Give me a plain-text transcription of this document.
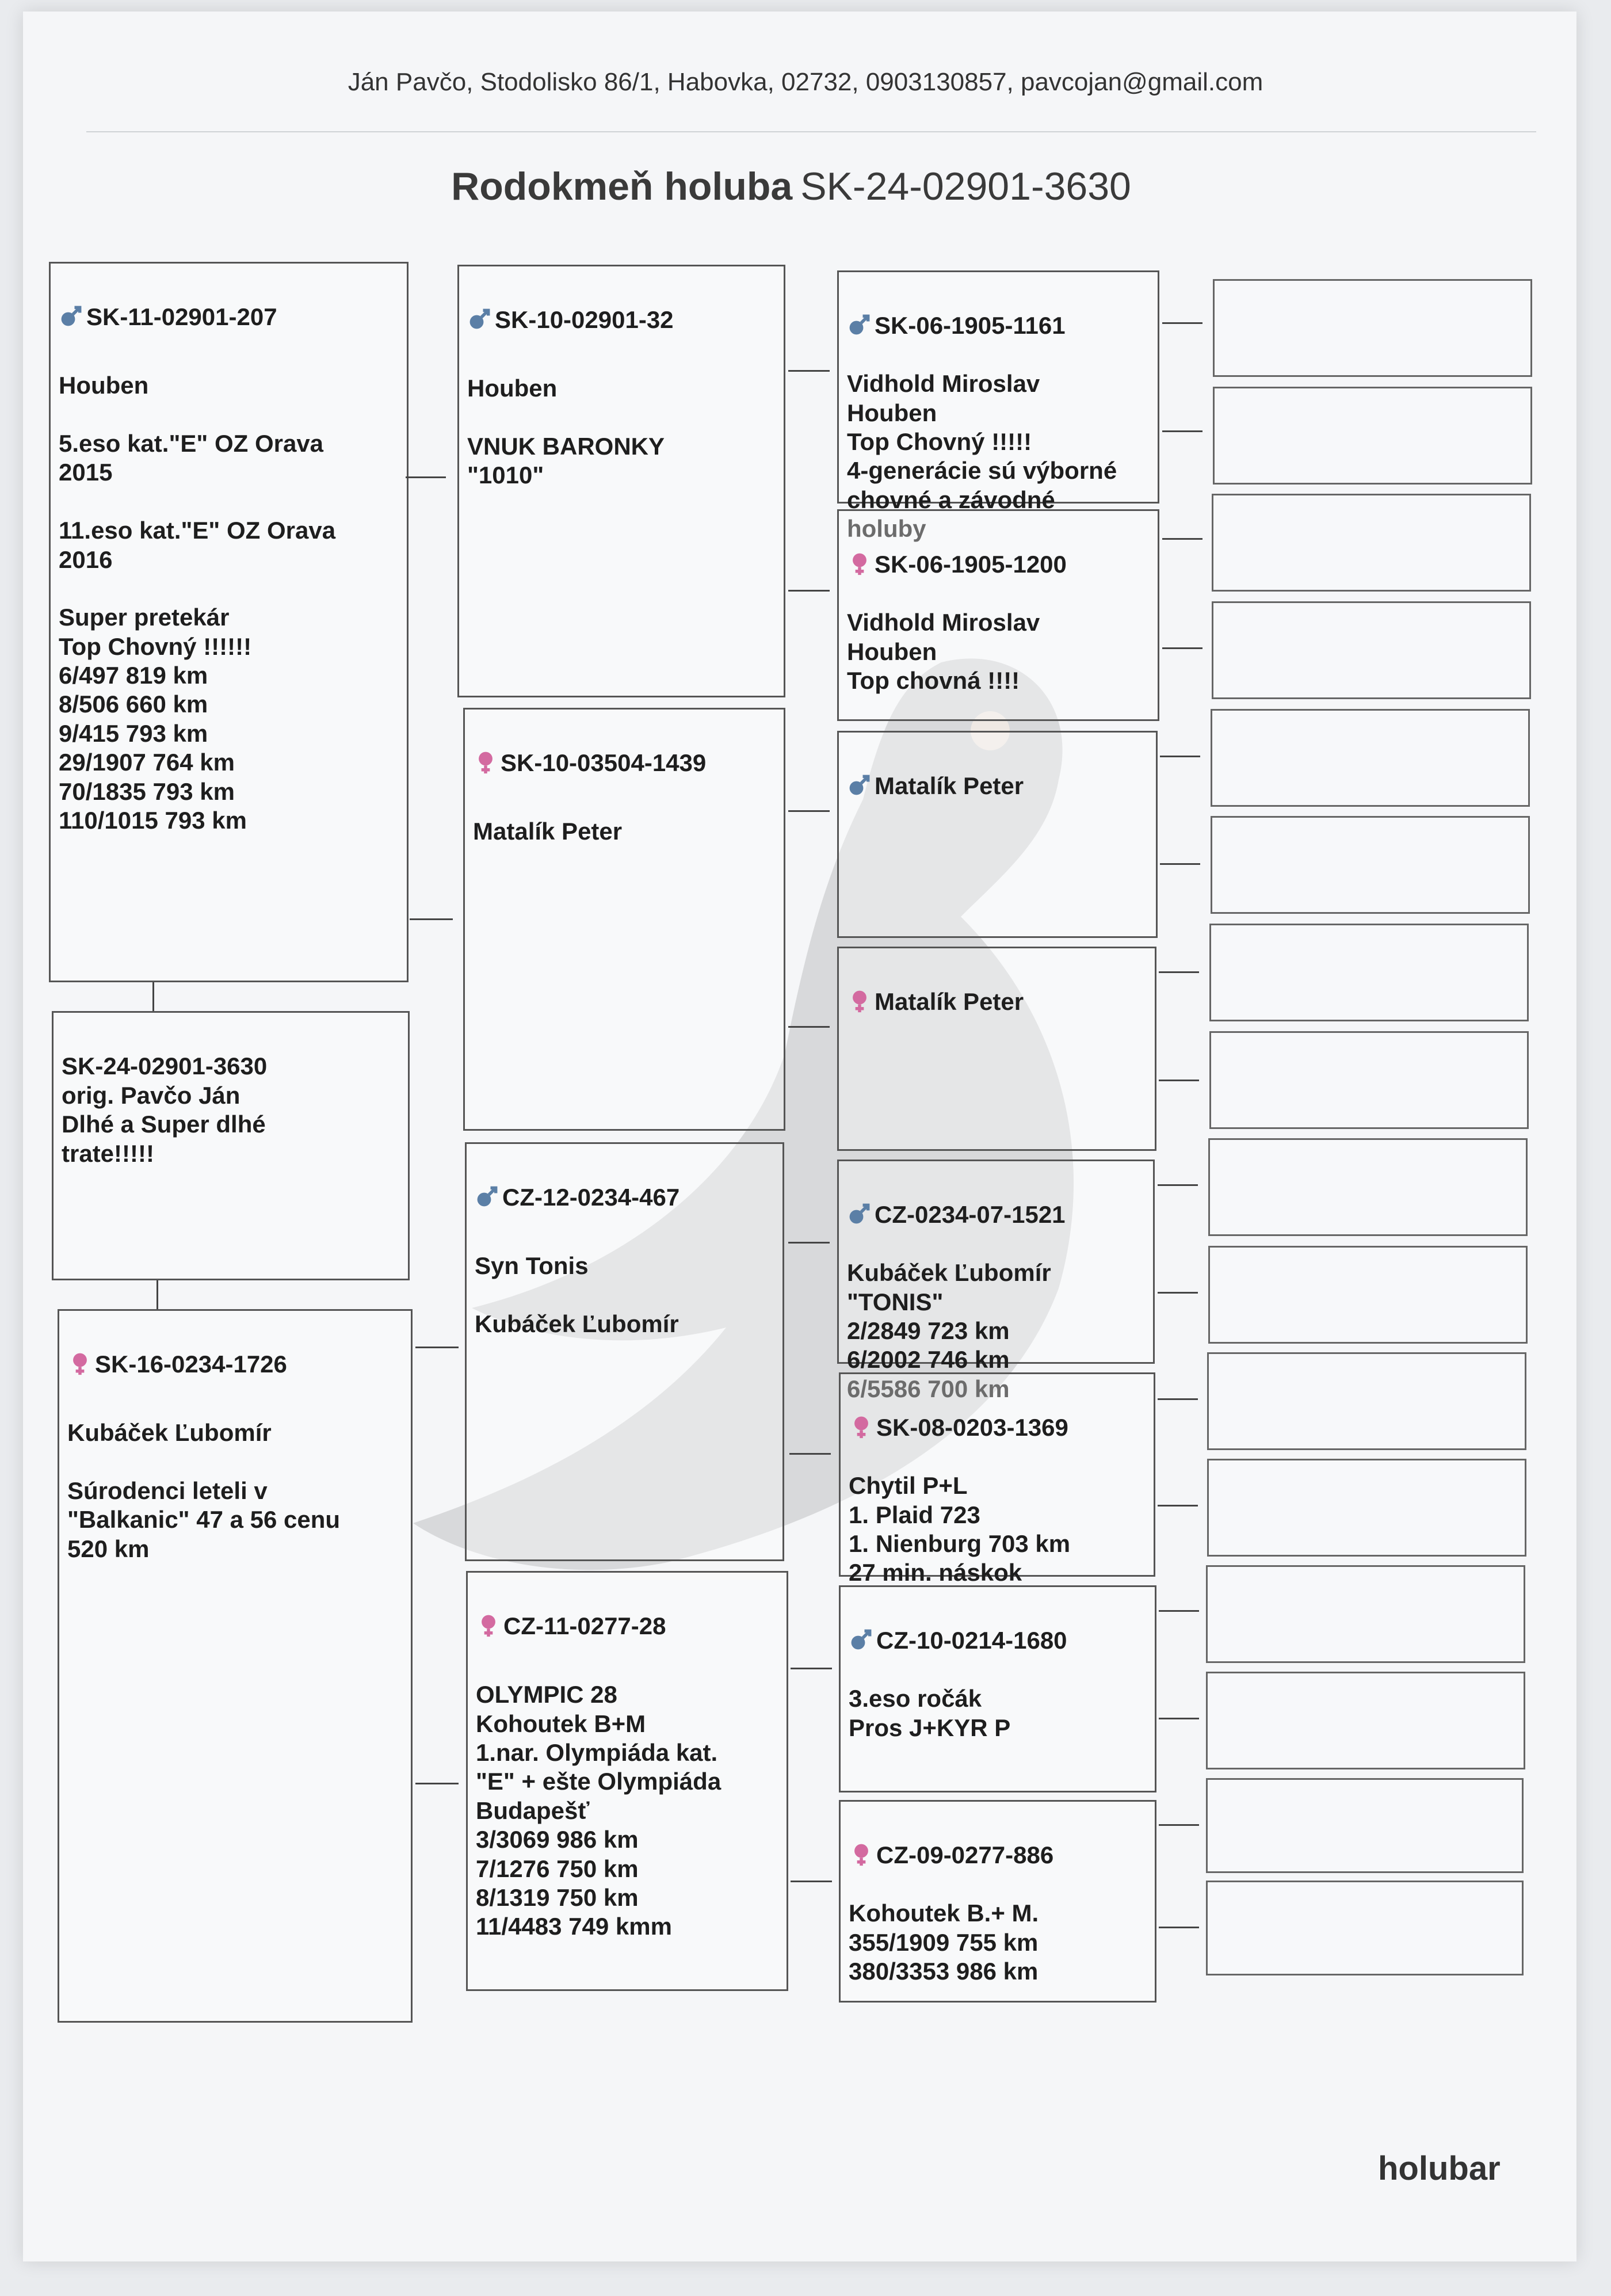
Ján Pavčo, Stodolisko 86/1, Habovka, 02732, 0903130857, pavcojan@gmail.com
Rodokmeň holuba SK-24-02901-3630

SK-11-02901-207

Houben

5.eso kat."E" OZ Orava
2015

11.eso kat."E" OZ Orava
2016

Super pretekár
Top Chovný !!!!!!
6/497 819 km
8/506 660 km
9/415 793 km
29/1907 764 km
70/1835 793 km
110/1015 793 km

SK-24-02901-3630
orig. Pavčo Ján
Dlhé a Super dlhé
trate!!!!!

SK-16-0234-1726

Kubáček Ľubomír

Súrodenci leteli v
"Balkanic" 47 a 56 cenu
520 km

SK-10-02901-32

Houben

VNUK BARONKY
"1010"

SK-10-03504-1439

Matalík Peter

CZ-12-0234-467

Syn Tonis

Kubáček Ľubomír

CZ-11-0277-28

OLYMPIC 28
Kohoutek B+M
1.nar. Olympiáda kat.
"E" + ešte Olympiáda
Budapešť
3/3069 986 km
7/1276 750 km
8/1319 750 km
11/4483 749 kmm

SK-06-1905-1161

Vidhold Miroslav
Houben
Top Chovný !!!!!
4-generácie sú výborné
chovné a závodné
holuby

SK-06-1905-1200

Vidhold Miroslav
Houben
Top chovná !!!!

Matalík Peter

Matalík Peter

CZ-0234-07-1521

Kubáček Ľubomír
"TONIS"
2/2849 723 km
6/2002 746 km
6/5586 700 km

SK-08-0203-1369

Chytil P+L
1. Plaid 723
1. Nienburg 703 km
27 min. náskok

CZ-10-0214-1680

3.eso ročák
Pros J+KYR P

CZ-09-0277-886

Kohoutek B.+ M.
355/1909 755 km
380/3353 986 km

holubar
